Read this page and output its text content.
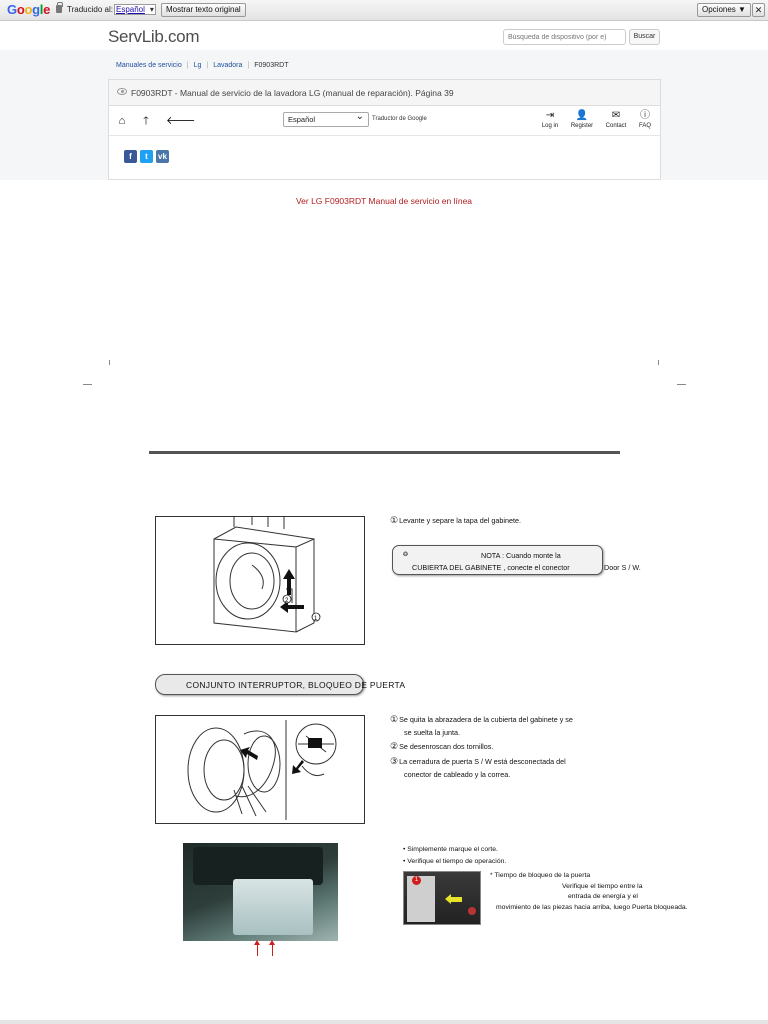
Google Traducido al: Español ▾	Mostrar texto original	Opciones ▼ ✕
ServLib.com
Búsqueda de dispositivo (por e)	Buscar
Manuales de servicio | Lg | Lavadora | F0903RDT
F0903RDT - Manual de servicio de la lavadora LG (manual de reparación). Página 39
⌂ 🡑 🡐	Español ⌄	Traductor de Google	⇥
Log in
👤
Register
✉
Contact
ⓘ
FAQ
f	t	vk
Ver LG F0903RDT Manual de servicio en línea
2
1
①Levante y separe la tapa del gabinete.
❂	NOTA : Cuando monte la
CUBIERTA DEL GABINETE , conecte el conector	Door S / W.
CONJUNTO INTERRUPTOR, BLOQUEO DE PUERTA
①Se quita la abrazadera de la cubierta del gabinete y se
se suelta la junta.
②Se desenroscan dos tornillos.
③La cerradura de puerta S / W está desconectada del
conector de cableado y la correa.
• Simplemente marque el corte.
• Verifique el tiempo de operación.
1
* Tiempo de bloqueo de la puerta
Verifique el tiempo entre la
entrada de energía y el
movimiento de las piezas hacia arriba, luego Puerta bloqueada.
